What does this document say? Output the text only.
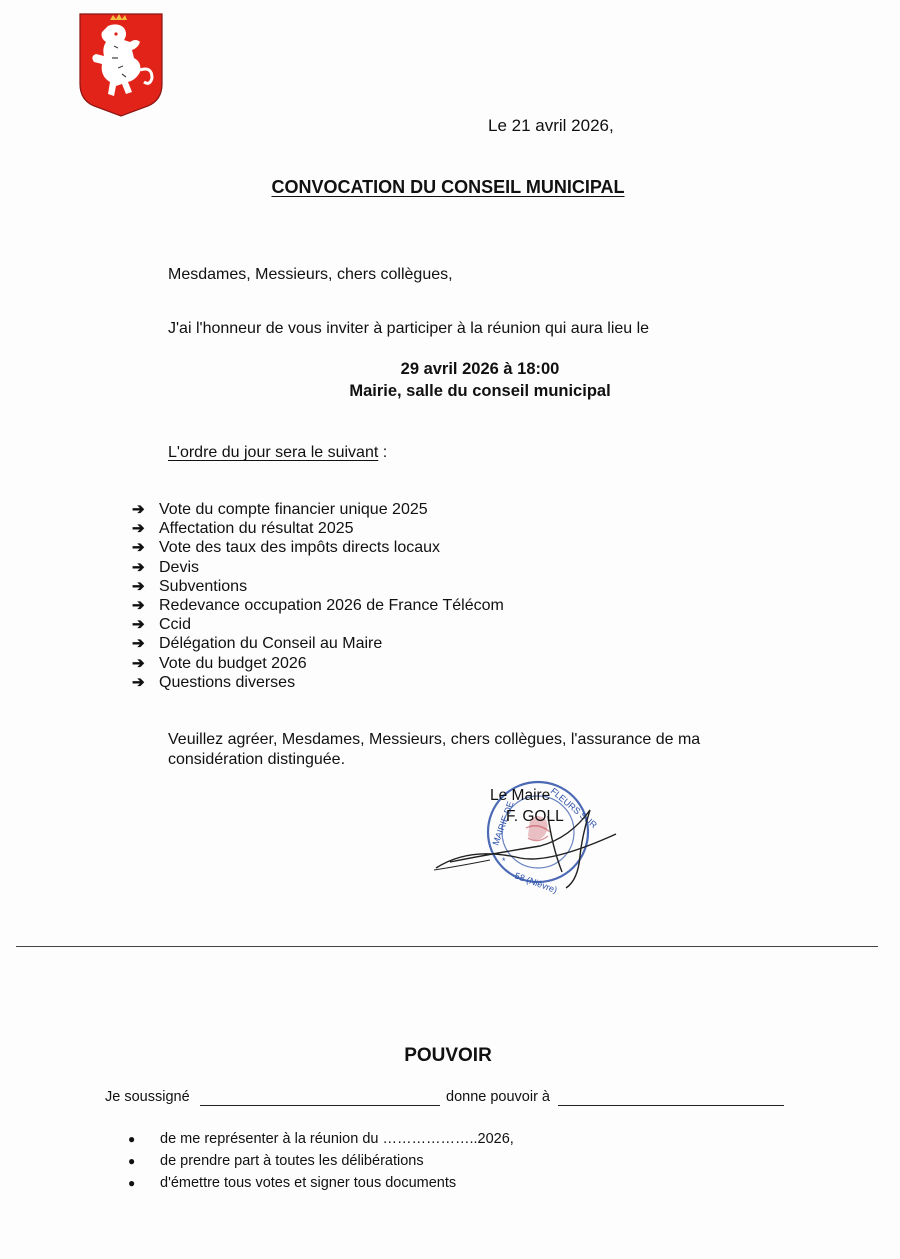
Le 21 avril 2026,
CONVOCATION DU CONSEIL MUNICIPAL
Mesdames, Messieurs, chers collègues,
J'ai l'honneur de vous inviter à participer à la réunion qui aura lieu le
29 avril 2026 à 18:00
Mairie, salle du conseil municipal
L'ordre du jour sera le suivant :
➔ Vote du compte financier unique 2025
➔ Affectation du résultat 2025
➔ Vote des taux des impôts directs locaux
➔ Devis
➔ Subventions
➔ Redevance occupation 2026 de France Télécom
➔ Ccid
➔ Délégation du Conseil au Maire
➔ Vote du budget 2026
➔ Questions diverses
Veuillez agréer, Mesdames, Messieurs, chers collègues, l'assurance de ma considération distinguée.
MAIRIE DE	FLEURS SUR
58 (Nièvre)
*
Le Maire
F. GOLL
POUVOIR
Je soussigné	donne pouvoir à
●	de me représenter à la réunion du ………………..2026,
●	de prendre part à toutes les délibérations
●	d'émettre tous votes et signer tous documents
